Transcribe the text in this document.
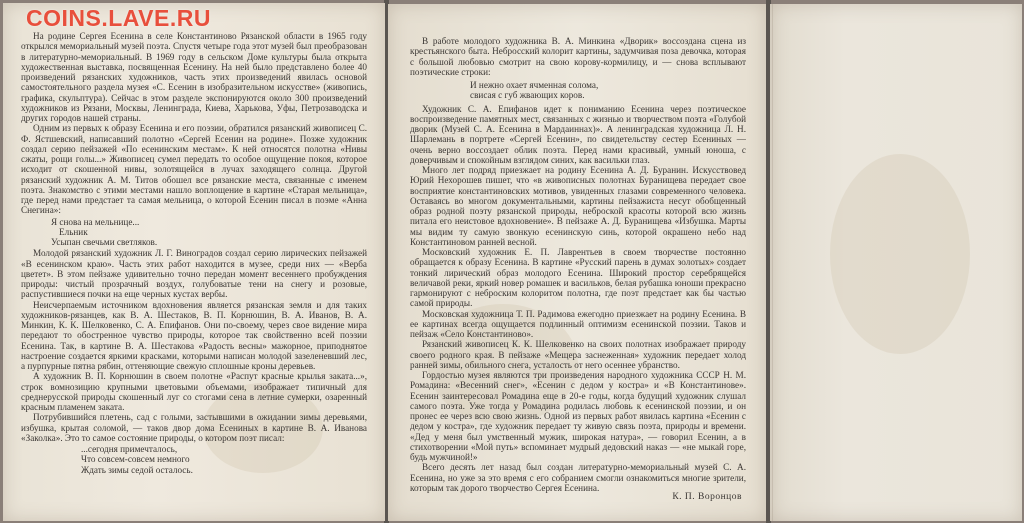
На родине Сергея Есенина в селе Константиново Рязанской области в 1965 году открылся мемориальный музей поэта. Спустя четыре года этот музей был преобразован в литературно-мемориальный. В 1969 году в сельском Доме культуры была открыта художественная выставка, посвященная Есенину. На ней было представлено более 40 произведений рязанских художников, часть этих произведений явилась основой самостоятельного раздела музея «С. Есенин в изобразительном искусстве» (живопись, графика, скульптура). Сейчас в этом разделе экспонируются около 300 произведений художников из Рязани, Москвы, Ленинграда, Киева, Харькова, Уфы, Петрозаводска и других городов нашей страны.

Одним из первых к образу Есенина и его поэзии, обратился рязанский живописец С. Ф. Ястшевский, написавший полотно «Сергей Есенин на родине». Позже художник создал серию пейзажей «По есенинским местам». К ней относятся полотна «Нивы сжаты, рощи голы...» Живописец сумел передать то особое ощущение покоя, которое исходит от скошенной нивы, золотящейся в лучах заходящего солнца. Другой рязанский художник А. М. Титов обошел все рязанские места, связанные с именем поэта. Знакомство с этими местами нашло воплощение в картине «Старая мельница», где перед нами предстает та самая мельница, о которой Есенин писал в поэме «Анна Снегина»:

Я снова на мельнице...
Ельник
Усыпан свечьми светляков.

Молодой рязанский художник Л. Г. Виноградов создал серию лирических пейзажей «В есенинском краю». Часть этих работ находится в музее, среди них — «Верба цветет». В этом пейзаже удивительно точно передан момент весеннего пробуждения природы: чистый прозрачный воздух, голубоватые тени на снегу и розовые, распустившиеся почки на еще черных кустах вербы.

Неисчерпаемым источником вдохновения является рязанская земля и для таких художников-рязанцев, как В. А. Шестаков, В. П. Корнюшин, В. А. Иванов, В. А. Минкин, К. К. Шелковенко, С. А. Епифанов. Они по-своему, через свое видение мира передают то обостренное чувство природы, которое так свойственно всей поэзии Есенина. Так, в картине В. А. Шестакова «Радость весны» мажорное, приподнятое настроение создается яркими красками, которыми написан молодой зазеленевший лес, а пурпурные пятна рябин, оттеняющие свежую сплошные кроны деревьев.

А художник В. П. Корнюшин в своем полотне «Распут красные крылья заката...», строк вомнозицию крупными цветовыми объемами, изображает типичный для среднерусской природы скошенный луг со стогами сена в летние сумерки, озаренный красным пламенем заката.

Потрубившийся плетень, сад с голыми, застывшими в ожидании зимы деревьями, избушка, крытая соломой, — таков двор дома Есениных в картине В. А. Иванова «Заколка». Это то самое состояние природы, о котором поэт писал:

...сегодня примечталось,
Что совсем-совсем немного
Ждать зимы седой осталось.

В работе молодого художника В. А. Минкина «Дворик» воссоздана сцена из крестьянского быта. Небросский колорит картины, задумчивая поза девочка, которая с большой любовью смотрит на свою корову-кормилицу, и — снова всплывают поэтические строки:

И нежно охает ячменная солома,
свисая с губ жвающих коров.

Художник С. А. Епифанов идет к пониманию Есенина через поэтическое воспроизведение памятных мест, связанных с жизнью и творчеством поэта «Голубой дворик (Музей С. А. Есенина в Мардаиннах)». А ленинградская художница Л. Н. Шарлемань в портрете «Сергей Есенин», по свидетельству сестер Есениных — очень верно воссоздает облик поэта. Перед нами красивый, умный юноша, с доверчивым и спокойным взглядом синих, как васильки глаз.

Много лет подряд приезжает на родину Есенина А. Д. Буранин. Искусствовед Юрий Нехорошев пишет, что «в живописных полотнах Буранищева передает свое восприятие константиновских мотивов, увиденных глазами современного человека. Оставаясь во многом документальными, картины пейзажиста несут обобщенный образ родной поэту рязанской природы, неброской красоты которой всю жизнь питала его неистовое вдохновение». В пейзаже А. Д. Буранищева «Избушка. Марты мы видим ту самую звонкую есенинскую синь, которой окрашено небо над Константиновом ранней весной.

Московский художник Е. П. Лаврентьев в своем творчестве постоянно обращается к образу Есенина. В картине «Русский парень в думах золотых» создает тонкий лирический образ молодого Есенина. Широкий простор серебрящейся величавой реки, яркий новер ромашек и васильков, белая рубашка юноши прекрасно гармонируют с неброским колоритом полотна, где поэт предстает как бы частью самой природы.

Московская художница Т. П. Радимова ежегодно приезжает на родину Есенина. В ее картинах всегда ощущается подлинный оптимизм есенинской поэзии. Таков и пейзаж «Село Константиново».

Рязанский живописец К. К. Шелковенко на своих полотнах изображает природу своего родного края. В пейзаже «Мещера заснеженная» художник передает холод ранней зимы, обильного снега, усталость от него осеннее убранство.

Гордостью музея являются три произведения народного художника СССР Н. М. Ромадина: «Весенний снег», «Есенин с дедом у костра» и «В Константинове». Есенин заинтересовал Ромадина еще в 20-е годы, когда будущий художник слушал самого поэта. Уже тогда у Ромадина родилась любовь к есенинской поэзии, и он пронес ее через всю свою жизнь. Одной из первых работ явилась картина «Есенин с дедом у костра», где художник передает ту живую связь поэта, природы и времени. «Дед у меня был умственный мужик, широкая натура», — говорил Есенин, а в стихотворении «Мой путь» вспоминает мудрый дедовский наказ — «не мыкай горе, будь мужчиной!»

Всего десять лет назад был создан литературно-мемориальный музей С. А. Есенина, но уже за это время с его собранием смогли ознакомиться многие зрители, которым так дорого творчество Сергея Есенина.

К. П. Воронцов
COINS.LAVE.RU
